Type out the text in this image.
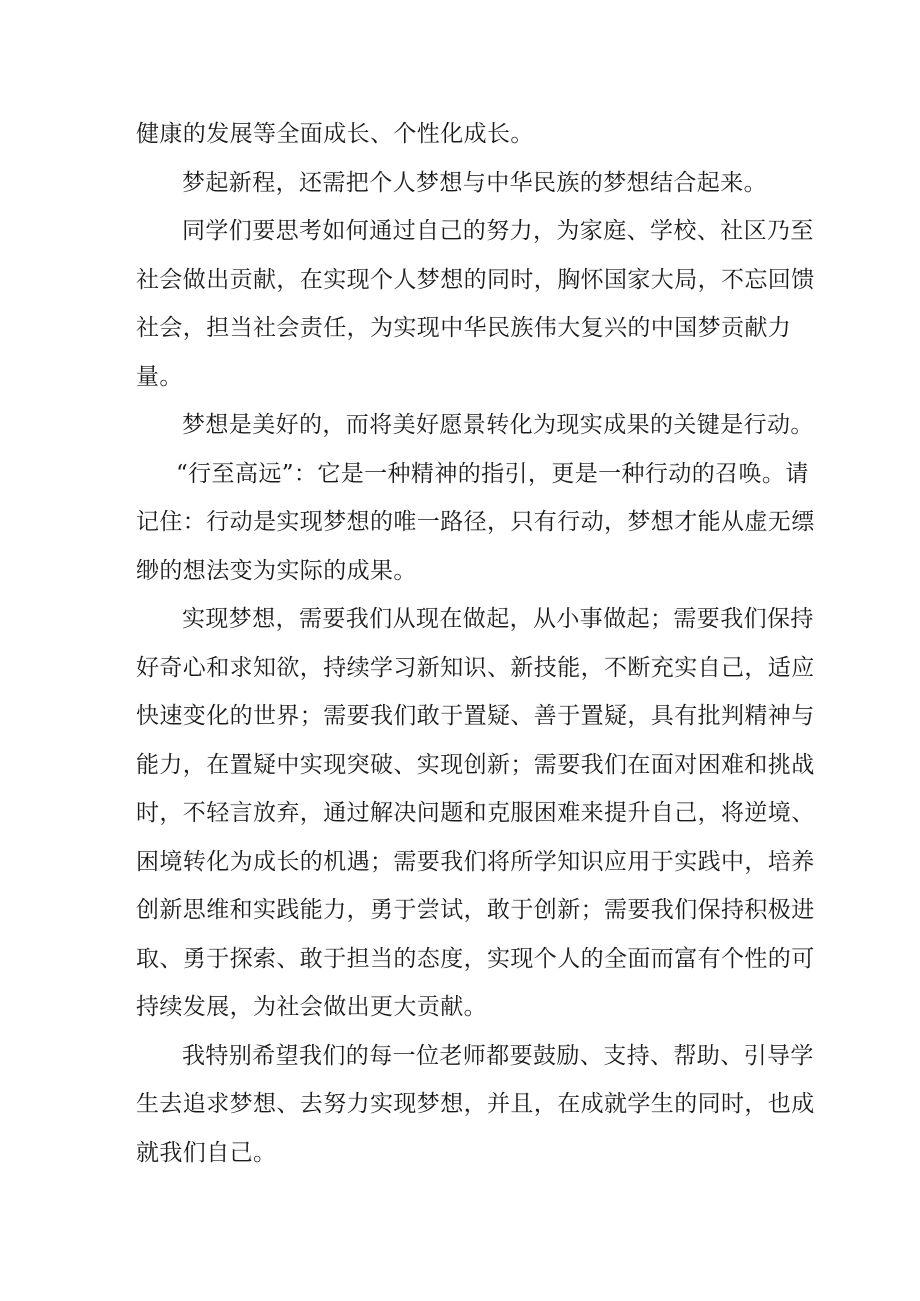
健康的发展等全面成长、个性化成长。

梦起新程，还需把个人梦想与中华民族的梦想结合起来。

同学们要思考如何通过自己的努力，为家庭、学校、社区乃至社会做出贡献，在实现个人梦想的同时，胸怀国家大局，不忘回馈社会，担当社会责任，为实现中华民族伟大复兴的中国梦贡献力量。

梦想是美好的，而将美好愿景转化为现实成果的关键是行动。

“行至高远”：它是一种精神的指引，更是一种行动的召唤。请记住：行动是实现梦想的唯一路径，只有行动，梦想才能从虚无缥缈的想法变为实际的成果。

实现梦想，需要我们从现在做起，从小事做起；需要我们保持好奇心和求知欲，持续学习新知识、新技能，不断充实自己，适应快速变化的世界；需要我们敢于置疑、善于置疑，具有批判精神与能力，在置疑中实现突破、实现创新；需要我们在面对困难和挑战时，不轻言放弃，通过解决问题和克服困难来提升自己，将逆境、困境转化为成长的机遇；需要我们将所学知识应用于实践中，培养创新思维和实践能力，勇于尝试，敢于创新；需要我们保持积极进取、勇于探索、敢于担当的态度，实现个人的全面而富有个性的可持续发展，为社会做出更大贡献。

我特别希望我们的每一位老师都要鼓励、支持、帮助、引导学生去追求梦想、去努力实现梦想，并且，在成就学生的同时，也成就我们自己。
